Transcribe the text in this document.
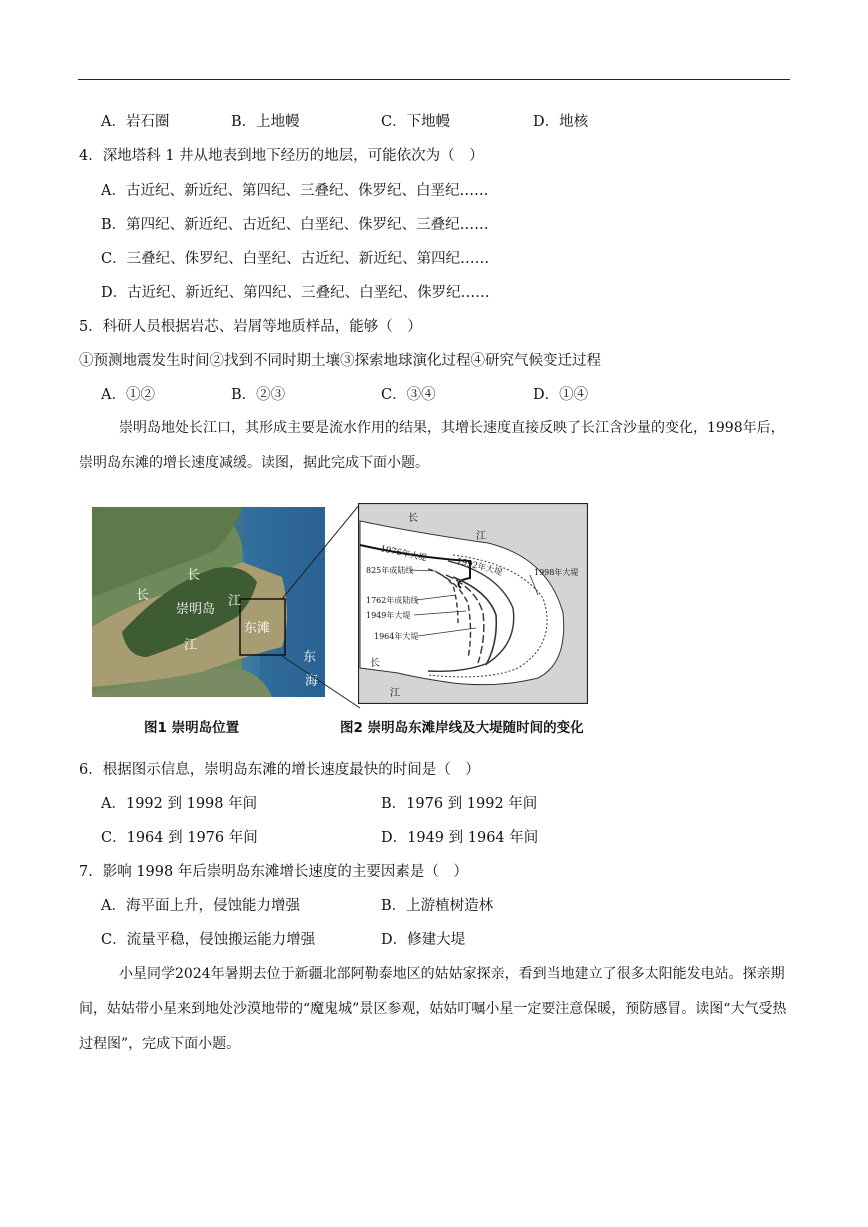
A．岩石圈	B．上地幔	C．下地幔	D．地核
4．深地塔科 1 井从地表到地下经历的地层，可能依次为（　）
A．古近纪、新近纪、第四纪、三叠纪、侏罗纪、白垩纪……
B．第四纪、新近纪、古近纪、白垩纪、侏罗纪、三叠纪……
C．三叠纪、侏罗纪、白垩纪、古近纪、新近纪、第四纪……
D．古近纪、新近纪、第四纪、三叠纪、白垩纪、侏罗纪……
5．科研人员根据岩芯、岩屑等地质样品，能够（　）
①预测地震发生时间②找到不同时期土壤③探索地球演化过程④研究气候变迁过程
A．①②	B．②③	C．③④	D．①④
崇明岛地处长江口，其形成主要是流水作用的结果，其增长速度直接反映了长江含沙量的变化，1998年后，崇明岛东滩的增长速度减缓。读图，据此完成下面小题。
长
江
长
崇明岛
江
东滩
东
海
长
江
长
江
1976年大堤
1992年大堤	1998年大堤
825年成陆线
1762年成陆线
1949年大堤
1964年大堤
图1 崇明岛位置	图2 崇明岛东滩岸线及大堤随时间的变化
6．根据图示信息，崇明岛东滩的增长速度最快的时间是（　）
A．1992 到 1998 年间	B．1976 到 1992 年间
C．1964 到 1976 年间	D．1949 到 1964 年间
7．影响 1998 年后崇明岛东滩增长速度的主要因素是（　）
A．海平面上升，侵蚀能力增强	B．上游植树造林
C．流量平稳，侵蚀搬运能力增强	D．修建大堤
小星同学2024年暑期去位于新疆北部阿勒泰地区的姑姑家探亲，看到当地建立了很多太阳能发电站。探亲期间，姑姑带小星来到地处沙漠地带的“魔鬼城”景区参观，姑姑叮嘱小星一定要注意保暖，预防感冒。读图“大气受热过程图”，完成下面小题。
